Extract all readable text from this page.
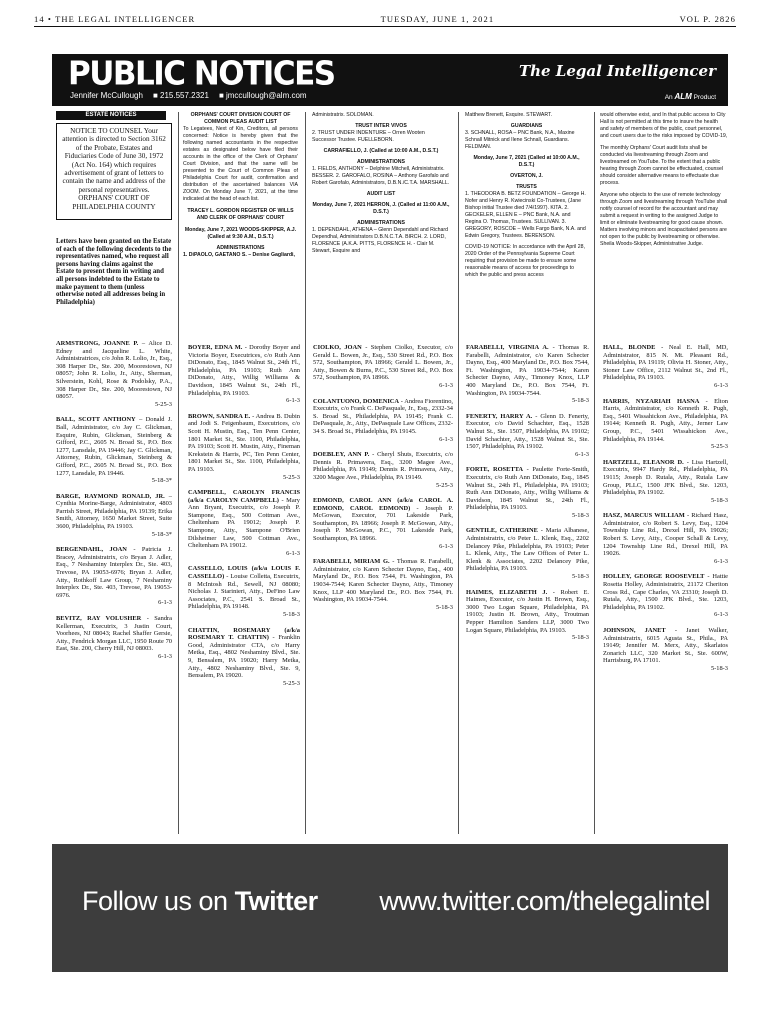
14 • THE LEGAL INTELLIGENCER	TUESDAY, JUNE 1, 2021	VOL P. 2826
PUBLIC NOTICES	The Legal Intelligencer
Jennifer McCullough ■ 215.557.2321 ■ jmccullough@alm.com	An ALM Product
ESTATE NOTICES
NOTICE TO COUNSEL Your attention is directed to Section 3162 of the Probate, Estates and Fiduciaries Code of June 30, 1972 (Act No. 164) which requires advertisement of grant of letters to contain the name and address of the personal representatives. ORPHANS' COURT OF PHILADELPHIA COUNTY
Letters have been granted on the Estate of each of the following decedents to the representatives named, who request all persons having claims against the Estate to present them in writing and all persons indebted to the Estate to make payment to them (unless otherwise noted all addresses being in Philadelphia)
ORPHANS' COURT DIVISION COURT OF COMMON PLEAS AUDIT LIST
To Legatees, Next of Kin, Creditors, all persons concerned: Notice is hereby given that the following named accountants in the respective estates as designated below have filed their accounts in the office of the Clerk of Orphans' Court Division, and that the same will be presented to the Court of Common Pleas of Philadelphia Court for audit, confirmation and distribution of the ascertained balances VIA ZOOM. On Monday June 7, 2021, at the time indicated at the head of each list.
TRACEY L. GORDON REGISTER OF WILLS AND CLERK OF ORPHANS' COURT
Monday, June 7, 2021 WOODS-SKIPPER, A.J. (Called at 9:30 A.M., D.S.T.)
ADMINISTRATIONS
1. DiPAOLO, GAETANO S. – Denise Gagliardi,
Administratrix. SOLOMAN.
TRUST INTER VIVOS
2. TRUST UNDER INDENTURE – Orren Wooten Successor Trustee. FUELLEBORN.
CARRAFIELLO, J. (Called at 10:00 A.M., D.S.T.)
ADMINISTRATIONS
1. FIELDS, ANTHONY – Delphine Mitchell, Administratrix. BESSER. 2. GAROFALO, ROSINA – Anthony Garofalo and Robert Garofalo, Administrators, D.B.N./C.T.A. MARSHALL.
AUDIT LIST
Monday, June 7, 2021 HERRON, J. (Called at 11:00 A.M., D.S.T.)
ADMINISTRATIONS
1. DEPENDAHL, ATHENA – Glenn Dependahl and Richard Dependhal, Administrators D.B.N.C.T.A. BIRCH. 2. LORD, FLORENCE (A.K.A. PITTS, FLORENCE H. - Clair M. Stewart, Esquire and
Matthew Brenett, Esquire. STEWART.
GUARDIANS
3. SCHNALL, ROSA – PNC Bank, N.A., Maxine Schnall Mitnick and Ilene Schnall, Guardians. FELDMAN.
Monday, June 7, 2021 (Called at 10:00 A.M., D.S.T.)
OVERTON, J.
TRUSTS
1. THEODORA B. BETZ FOUNDATION – George H. Nofer and Henry R. Kwiecinski Co-Trustees, (Jane Bishop initial Trustee died 7/4/1997). KITA. 2. GECKELER, ELLEN E – PNC Bank, N.A. and Regina O. Thomas, Trustees. SULLIVAN. 3. GREGORY, ROSCOE – Wells Fargo Bank, N.A. and Edwin Gregory, Trustees. BERENSON.
COVID-19 NOTICE: In accordance with the April 28, 2020 Order of the Pennsylvania Supreme Court requiring that provision be made to ensure some reasonable means of access for proceedings to which the public and press access
would otherwise exist, and In that public access to City Hall is not permitted at this time to insure the health and safety of members of the public, court personnel, and court users due to the risks imposed by COVID-19,
The monthly Orphans' Court audit lists shall be conducted via livestreaming through Zoom and livestreamed on YouTube. To the extent that a public hearing through Zoom cannot be effectuated, counsel should consider alternative means to effectuate due process.
Anyone who objects to the use of remote technology through Zoom and livestreaming through YouTube shall notify counsel of record for the accountant and may submit a request in writing to the assigned Judge to limit or eliminate livestreaming for good cause shown. Matters involving minors and incapacitated persons are not open to the public by livestreaming or otherwise. Sheila Woods-Skipper, Administrative Judge.
ARMSTRONG, JOANNE P. – Alice D. Edney and Jacqueline L. White, Administratrices, c/o John R. Lolio, Jr., Esq., 308 Harper Dr., Ste. 200, Moorestown, NJ 08057; John R. Lolio, Jr., Atty., Sherman, Silverstein, Kohl, Rose & Podolsky, P.A., 308 Harper Dr., Ste. 200, Moorestown, NJ 08057.
5-25-3
BALL, SCOTT ANTHONY – Donald J. Ball, Administrator, c/o Jay C. Glickman, Esquire, Rubin, Glickman, Steinberg & Gifford, P.C., 2605 N. Broad St., P.O. Box 1277, Lansdale, PA 19446; Jay C. Glickman, Attorney, Rubin, Glickman, Steinberg & Gifford, P.C., 2605 N. Broad St., P.O. Box 1277, Lansdale, PA 19446.
5-18-3*
BARGE, RAYMOND RONALD, JR. – Cynthia Morine-Barge, Administrator, 4803 Parrish Street, Philadelphia, PA 19139; Erika Smith, Attorney, 1650 Market Street, Suite 3600, Philadelphia, PA 19103.
5-18-3*
BERGENDAHL, JOAN - Patricia J. Bracey, Administratrix, c/o Bryan J. Adler, Esq., 7 Neshaminy Interplex Dr., Ste. 403, Trevose, PA 19053-6976; Bryan J. Adler, Atty., Rothkoff Law Group, 7 Neshaminy Interplex Dr., Ste. 403, Trevose, PA 19053-6976.
6-1-3
BEVITZ, RAY VOLUSHER - Sandra Kellerman, Executrix, 3 Justin Court, Voorhees, NJ 08043; Rachel Shaffer Gersie, Atty., Fendrick Morgan LLC, 1950 Route 70 East, Ste. 200, Cherry Hill, NJ 08003.
6-1-3
BOYER, EDNA M. - Dorothy Boyer and Victoria Boyer, Executrices, c/o Ruth Ann DiDonato, Esq., 1845 Walnut St., 24th Fl., Philadelphia, PA 19103; Ruth Ann DiDonato, Atty., Willig Williams & Davidson, 1845 Walnut St., 24th Fl., Philadelphia, PA 19103.
6-1-3
BROWN, SANDRA E. - Andrea B. Dubin and Jodi S. Feigenbaum, Executrices, c/o Scott H. Mustin, Esq., Ten Penn Center, 1801 Market St., Ste. 1100, Philadelphia, PA 19103; Scott H. Mustin, Atty., Fineman Krekstein & Harris, PC, Ten Penn Center, 1801 Market St., Ste. 1100, Philadelphia, PA 19103.
5-25-3
CAMPBELL, CAROLYN FRANCIS (a/k/a CAROLYN CAMPBELL) - Mary Ann Bryant, Executrix, c/o Joseph P. Stampone, Esq., 500 Cottman Ave., Cheltenham PA 19012; Joseph P. Stampone, Atty., Stampone O'Brien Dilsheimer Law, 500 Cottman Ave., Cheltenham PA 19012.
6-1-3
CASSELLO, LOUIS (a/k/a LOUIS F. CASSELLO) - Louise Colletta, Executrix, 8 McIntosh Rd., Sewell, NJ 08080; Nicholas J. Starinieri, Atty., DeFino Law Associates, P.C., 2541 S. Broad St., Philadelphia, PA 19148.
5-18-3
CHATTIN, ROSEMARY (a/k/a ROSEMARY T. CHATTIN) - Franklin Good, Administrator CTA, c/o Harry Metka, Esq., 4802 Neshaminy Blvd., Ste. 9, Bensalem, PA 19020; Harry Metka, Atty., 4802 Neshaminy Blvd., Ste. 9, Bensalem, PA 19020.
5-25-3
CIOLKO, JOAN - Stephen Ciolko, Executor, c/o Gerald L. Bowen, Jr., Esq., 530 Street Rd., P.O. Box 572, Southampton, PA 18966; Gerald L. Bowen, Jr., Atty., Bowen & Burns, P.C., 530 Street Rd., P.O. Box 572, Southampton, PA 18966.
6-1-3
COLANTUONO, DOMENICA - Andrea Fiorentino, Executrix, c/o Frank C. DePasquale, Jr., Esq., 2332-34 S. Broad St., Philadelphia, PA 19145; Frank C. DePasquale, Jr., Atty., DePasquale Law Offices, 2332-34 S. Broad St., Philadelphia, PA 19145.
6-1-3
DOEBLEY, ANN P. - Cheryl Shuts, Executrix, c/o Dennis R. Primavera, Esq., 3200 Magee Ave., Philadelphia, PA 19149; Dennis R. Primavera, Atty., 3200 Magee Ave., Philadelphia, PA 19149.
5-25-3
EDMOND, CAROL ANN (a/k/a CAROL A. EDMOND, CAROL EDMOND) - Joseph P. McGowan, Executor, 701 Lakeside Park, Southampton, PA 18966; Joseph P. McGowan, Atty., Joseph P. McGowan, P.C., 701 Lakeside Park, Southampton, PA 18966.
6-1-3
FARABELLI, MIRIAM G. - Thomas R. Farabelli, Administrator, c/o Karen Schecter Dayno, Esq., 400 Maryland Dr., P.O. Box 7544, Ft. Washington, PA 19034-7544; Karen Schecter Dayno, Atty., Timoney Knox, LLP 400 Maryland Dr., P.O. Box 7544, Ft. Washington, PA 19034-7544.
5-18-3
FARABELLI, VIRGINIA A. - Thomas R. Farabelli, Administrator, c/o Karen Schecter Dayno, Esq., 400 Maryland Dr., P.O. Box 7544, Ft. Washington, PA 19034-7544; Karen Schecter Dayno, Atty., Timoney Knox, LLP 400 Maryland Dr., P.O. Box 7544, Ft. Washington, PA 19034-7544.
5-18-3
FENERTY, HARRY A. - Glenn D. Fenerty, Executor, c/o David Schachter, Esq., 1528 Walnut St., Ste. 1507, Philadelphia, PA 19102; David Schachter, Atty., 1528 Walnut St., Ste. 1507, Philadelphia, PA 19102.
6-1-3
FORTE, ROSETTA - Paulette Forte-Smith, Executrix, c/o Ruth Ann DiDonato, Esq., 1845 Walnut St., 24th Fl., Philadelphia, PA 19103; Ruth Ann DiDonato, Atty., Willig Williams & Davidson, 1845 Walnut St., 24th Fl., Philadelphia, PA 19103.
5-18-3
GENTILE, CATHERINE - Maria Albanese, Administratrix, c/o Peter L. Klenk, Esq., 2202 Delancey Pike, Philadelphia, PA 19103; Peter L. Klenk, Atty., The Law Offices of Peter L. Klenk & Associates, 2202 Delancey Pike, Philadelphia, PA 19103.
5-18-3
HAIMES, ELIZABETH J. - Robert E. Haimes, Executor, c/o Justin H. Brown, Esq., 3000 Two Logan Square, Philadelphia, PA 19103; Justin H. Brown, Atty., Troutman Pepper Hamilton Sanders LLP, 3000 Two Logan Square, Philadelphia, PA 19103.
5-18-3
HALL, BLONDE - Neal E. Hall, MD, Administrator, 815 N. Mt. Pleasant Rd., Philadelphia, PA 19119; Olivia H. Stoner, Atty., Stoner Law Office, 2112 Walnut St., 2nd Fl., Philadelphia, PA 19103.
6-1-3
HARRIS, NYZARIAH HASNA - Elton Harris, Administrator, c/o Kenneth R. Pugh, Esq., 5401 Wissahickon Ave., Philadelphia, PA 19144; Kenneth R. Pugh, Atty., Jerner Law Group, P.C., 5401 Wissahickon Ave., Philadelphia, PA 19144.
5-25-3
HARTZELL, ELEANOR D. - Lisa Hartzell, Executrix, 9947 Hardy Rd., Philadelphia, PA 19115; Joseph D. Rutala, Atty., Rutala Law Group, PLLC, 1500 JFK Blvd., Ste. 1203, Philadelphia, PA 19102.
5-18-3
HASZ, MARCUS WILLIAM - Richard Hasz, Administrator, c/o Robert S. Levy, Esq., 1204 Township Line Rd., Drexel Hill, PA 19026; Robert S. Levy, Atty., Cooper Schall & Levy, 1204 Township Line Rd., Drexel Hill, PA 19026.
6-1-3
HOLLEY, GEORGE ROOSEVELT - Hattie Rosetta Holley, Administratrix, 21172 Cheriton Cross Rd., Cape Charles, VA 23310; Joseph D. Rutala, Atty., 1500 JFK Blvd., Ste. 1203, Philadelphia, PA 19102.
6-1-3
JOHNSON, JANET - Janet Walker, Administratrix, 6015 Agusta St., Phila., PA 19149; Jennifer M. Merx, Atty., Skarlatos Zonarich LLC, 320 Market St., Ste. 600W, Harrisburg, PA 17101.
5-18-3
Follow us on Twitter www.twitter.com/thelegalintel
